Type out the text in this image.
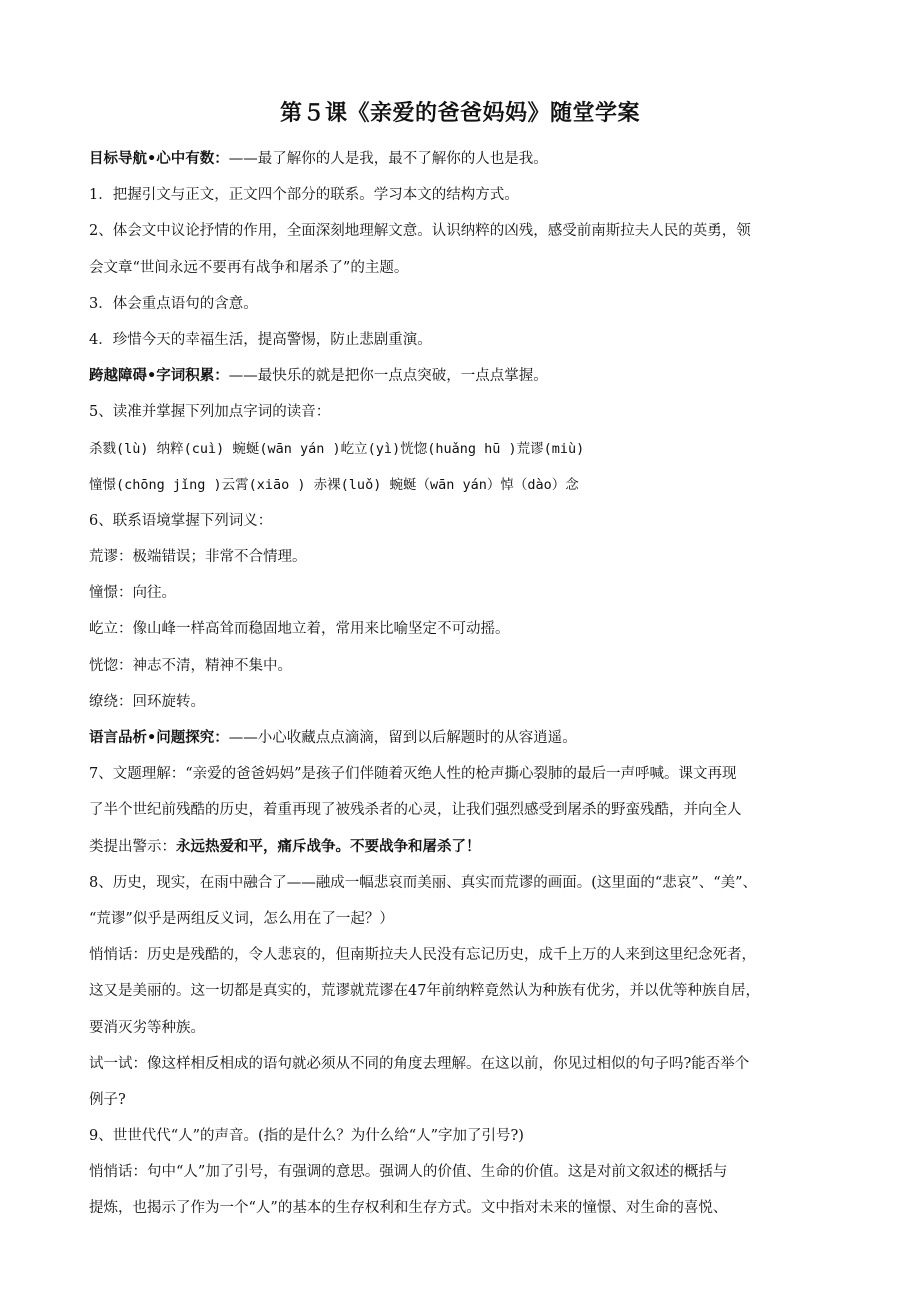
第５课《亲爱的爸爸妈妈》随堂学案
目标导航•心中有数：——最了解你的人是我，最不了解你的人也是我。
1．把握引文与正文，正文四个部分的联系。学习本文的结构方式。
2、体会文中议论抒情的作用，全面深刻地理解文意。认识纳粹的凶残，感受前南斯拉夫人民的英勇，领
会文章“世间永远不要再有战争和屠杀了”的主题。
3．体会重点语句的含意。
4．珍惜今天的幸福生活，提高警惕，防止悲剧重演。
跨越障碍•字词积累：——最快乐的就是把你一点点突破，一点点掌握。
5、读准并掌握下列加点字词的读音：
杀戮(lù) 纳粹(cuì) 蜿蜒(wān yán )屹立(yì)恍惚(huǎng hū )荒谬(miù)
憧憬(chōng jǐng )云霄(xiāo ) 赤裸(luǒ) 蜿蜒（wān yán）悼（dào）念
6、联系语境掌握下列词义：
荒谬：极端错误；非常不合情理。
憧憬：向往。
屹立：像山峰一样高耸而稳固地立着，常用来比喻坚定不可动摇。
恍惚：神志不清，精神不集中。
缭绕：回环旋转。
语言品析•问题探究：——小心收藏点点滴滴，留到以后解题时的从容逍遥。
7、文题理解：“亲爱的爸爸妈妈”是孩子们伴随着灭绝人性的枪声撕心裂肺的最后一声呼喊。课文再现
了半个世纪前残酷的历史，着重再现了被残杀者的心灵，让我们强烈感受到屠杀的野蛮残酷，并向全人
类提出警示：永远热爱和平，痛斥战争。不要战争和屠杀了！
8、历史，现实，在雨中融合了——融成一幅悲哀而美丽、真实而荒谬的画面。(这里面的“悲哀”、“美”、
“荒谬”似乎是两组反义词，怎么用在了一起？）
悄悄话：历史是残酷的，令人悲哀的，但南斯拉夫人民没有忘记历史，成千上万的人来到这里纪念死者，
这又是美丽的。这一切都是真实的，荒谬就荒谬在47年前纳粹竟然认为种族有优劣，并以优等种族自居，
要消灭劣等种族。
试一试：像这样相反相成的语句就必须从不同的角度去理解。在这以前，你见过相似的句子吗?能否举个
例子?
9、世世代代“人”的声音。(指的是什么？为什么给“人”字加了引号?)
悄悄话：句中“人”加了引号，有强调的意思。强调人的价值、生命的价值。这是对前文叙述的概括与
提炼，也揭示了作为一个“人”的基本的生存权利和生存方式。文中指对未来的憧憬、对生命的喜悦、
